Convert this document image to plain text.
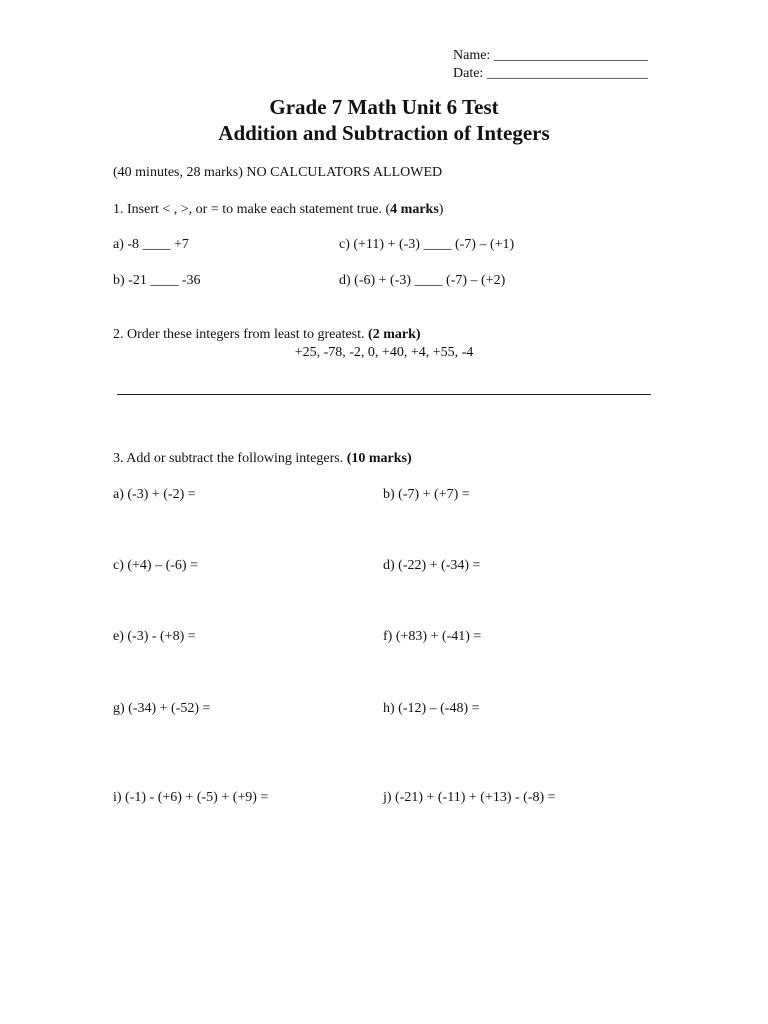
Name: ______________________
Date: _______________________
Grade 7 Math Unit 6 Test
Addition and Subtraction of Integers
(40 minutes, 28 marks) NO CALCULATORS ALLOWED
1. Insert < , >, or = to make each statement true. (4 marks)
a) -8 ____ +7
b) -21 ____ -36
c) (+11) + (-3) ____ (-7) – (+1)
d) (-6) + (-3) ____ (-7) – (+2)
2. Order these integers from least to greatest. (2 mark)
+25, -78, -2, 0, +40, +4, +55, -4
3. Add or subtract the following integers. (10 marks)
a) (-3) + (-2) =	b) (-7) + (+7) =
c) (+4) – (-6) =	d) (-22) + (-34) =
e) (-3) - (+8) =	f) (+83) + (-41) =
g) (-34) + (-52) =	h) (-12) – (-48) =
i) (-1) - (+6) + (-5) + (+9) =	j) (-21) + (-11) + (+13) - (-8) =
